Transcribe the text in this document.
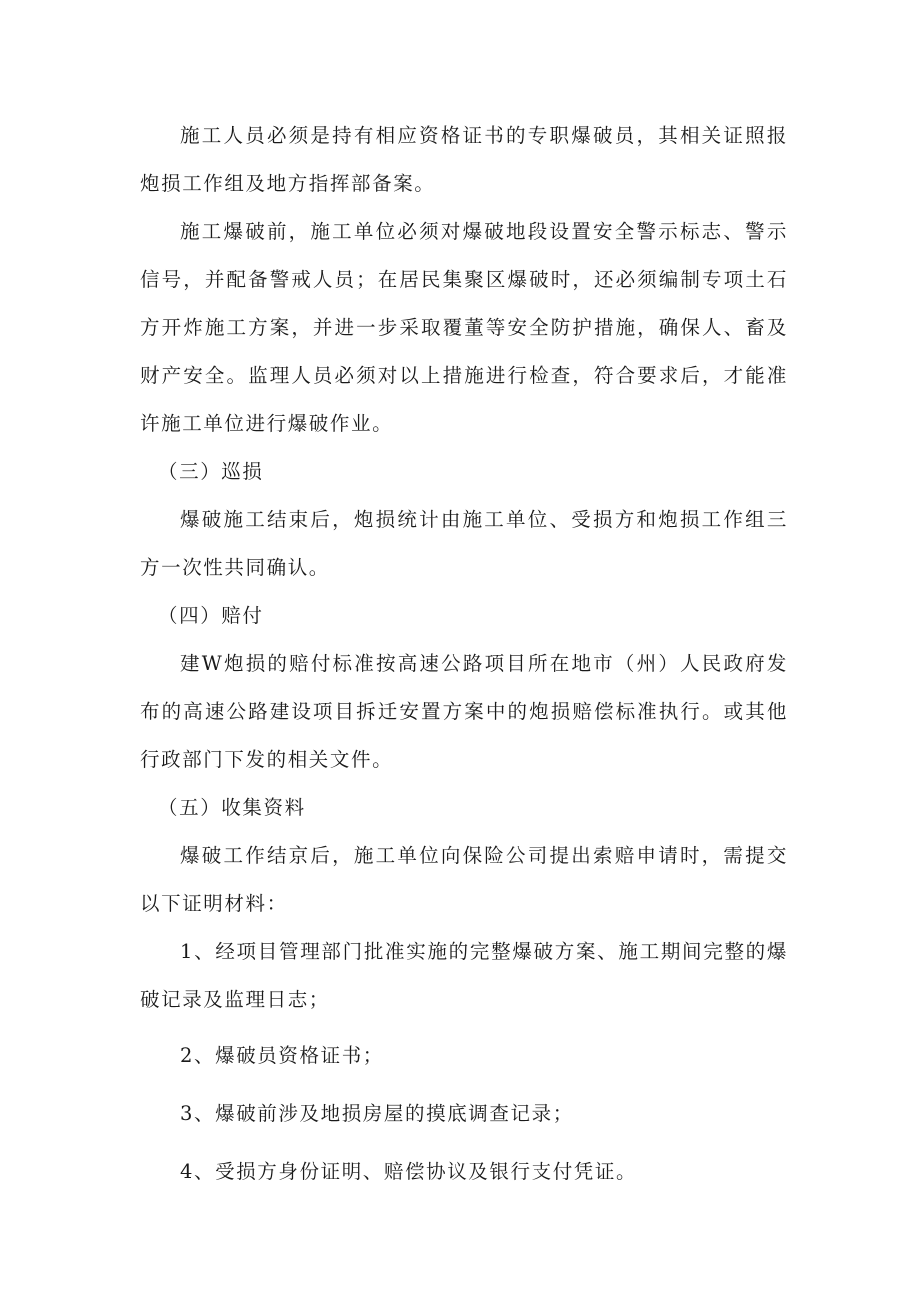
施工人员必须是持有相应资格证书的专职爆破员，其相关证照报炮损工作组及地方指挥部备案。

施工爆破前，施工单位必须对爆破地段设置安全警示标志、警示信号，并配备警戒人员；在居民集聚区爆破时，还必须编制专项土石方开炸施工方案，并进一步采取覆董等安全防护措施，确保人、畜及财产安全。监理人员必须对以上措施进行检查，符合要求后，才能准许施工单位进行爆破作业。

（三）巡损

爆破施工结束后，炮损统计由施工单位、受损方和炮损工作组三方一次性共同确认。

（四）赔付

建W炮损的赔付标准按高速公路项目所在地市（州）人民政府发布的高速公路建设项目拆迁安置方案中的炮损赔偿标准执行。或其他行政部门下发的相关文件。

（五）收集资料

爆破工作结京后，施工单位向保险公司提出索赔申请时，需提交以下证明材料：

1、经项目管理部门批准实施的完整爆破方案、施工期间完整的爆破记录及监理日志；

2、爆破员资格证书；

3、爆破前涉及地损房屋的摸底调查记录；

4、受损方身份证明、赔偿协议及银行支付凭证。
